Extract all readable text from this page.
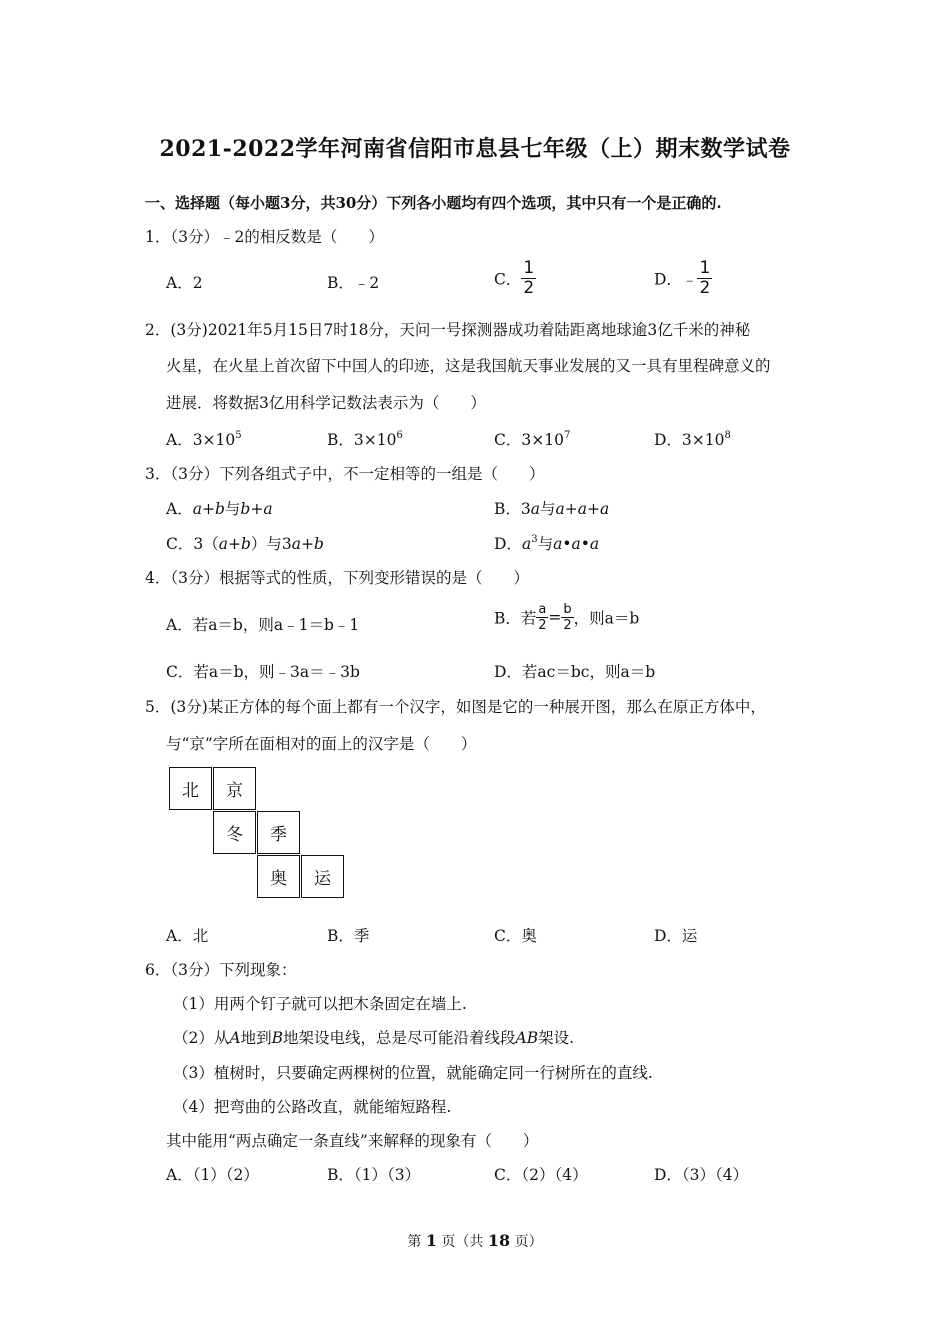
2021-2022学年河南省信阳市息县七年级（上）期末数学试卷
一、选择题（每小题3分，共30分）下列各小题均有四个选项，其中只有一个是正确的.
1．（3分）﹣2的相反数是（　　）
A．2	B．﹣2	C． $\frac{1}{2}$	D．﹣ $\frac{1}{2}$
2．(3分)2021年5月15日7时18分，天问一号探测器成功着陆距离地球逾3亿千米的神秘
火星，在火星上首次留下中国人的印迹，这是我国航天事业发展的又一具有里程碑意义的
进展．将数据3亿用科学记数法表示为（　　）
A．$3\times 10^5$	B．$3\times 10^6$	C．$3\times 10^7$	D．$3\times 10^8$
3．（3分）下列各组式子中，不一定相等的一组是（　　）
A．a+b与b+a	B．3a与a+a+a
C．3（a+b）与3a+b	D．$a^3$与a•a•a
4．（3分）根据等式的性质，下列变形错误的是（　　）
A．若a＝b，则a﹣1＝b﹣1	B．若 $\frac{a}{2} = \frac{b}{2}$ ，则a＝b
C．若a＝b，则﹣3a＝﹣3b	D．若ac＝bc，则a＝b
5．(3分)某正方体的每个面上都有一个汉字，如图是它的一种展开图，那么在原正方体中，
与“京”字所在面相对的面上的汉字是（　　）
北	京
冬	季
奥	运
A．北	B．季	C．奥	D．运
6．（3分）下列现象：
（1）用两个钉子就可以把木条固定在墙上.
（2）从A地到B地架设电线，总是尽可能沿着线段AB架设.
（3）植树时，只要确定两棵树的位置，就能确定同一行树所在的直线.
（4）把弯曲的公路改直，就能缩短路程.
其中能用“两点确定一条直线”来解释的现象有（　　）
A．（1）（2）	B．（1）（3）	C．（2）（4）	D．（3）（4）
第 1 页（共 18 页）
